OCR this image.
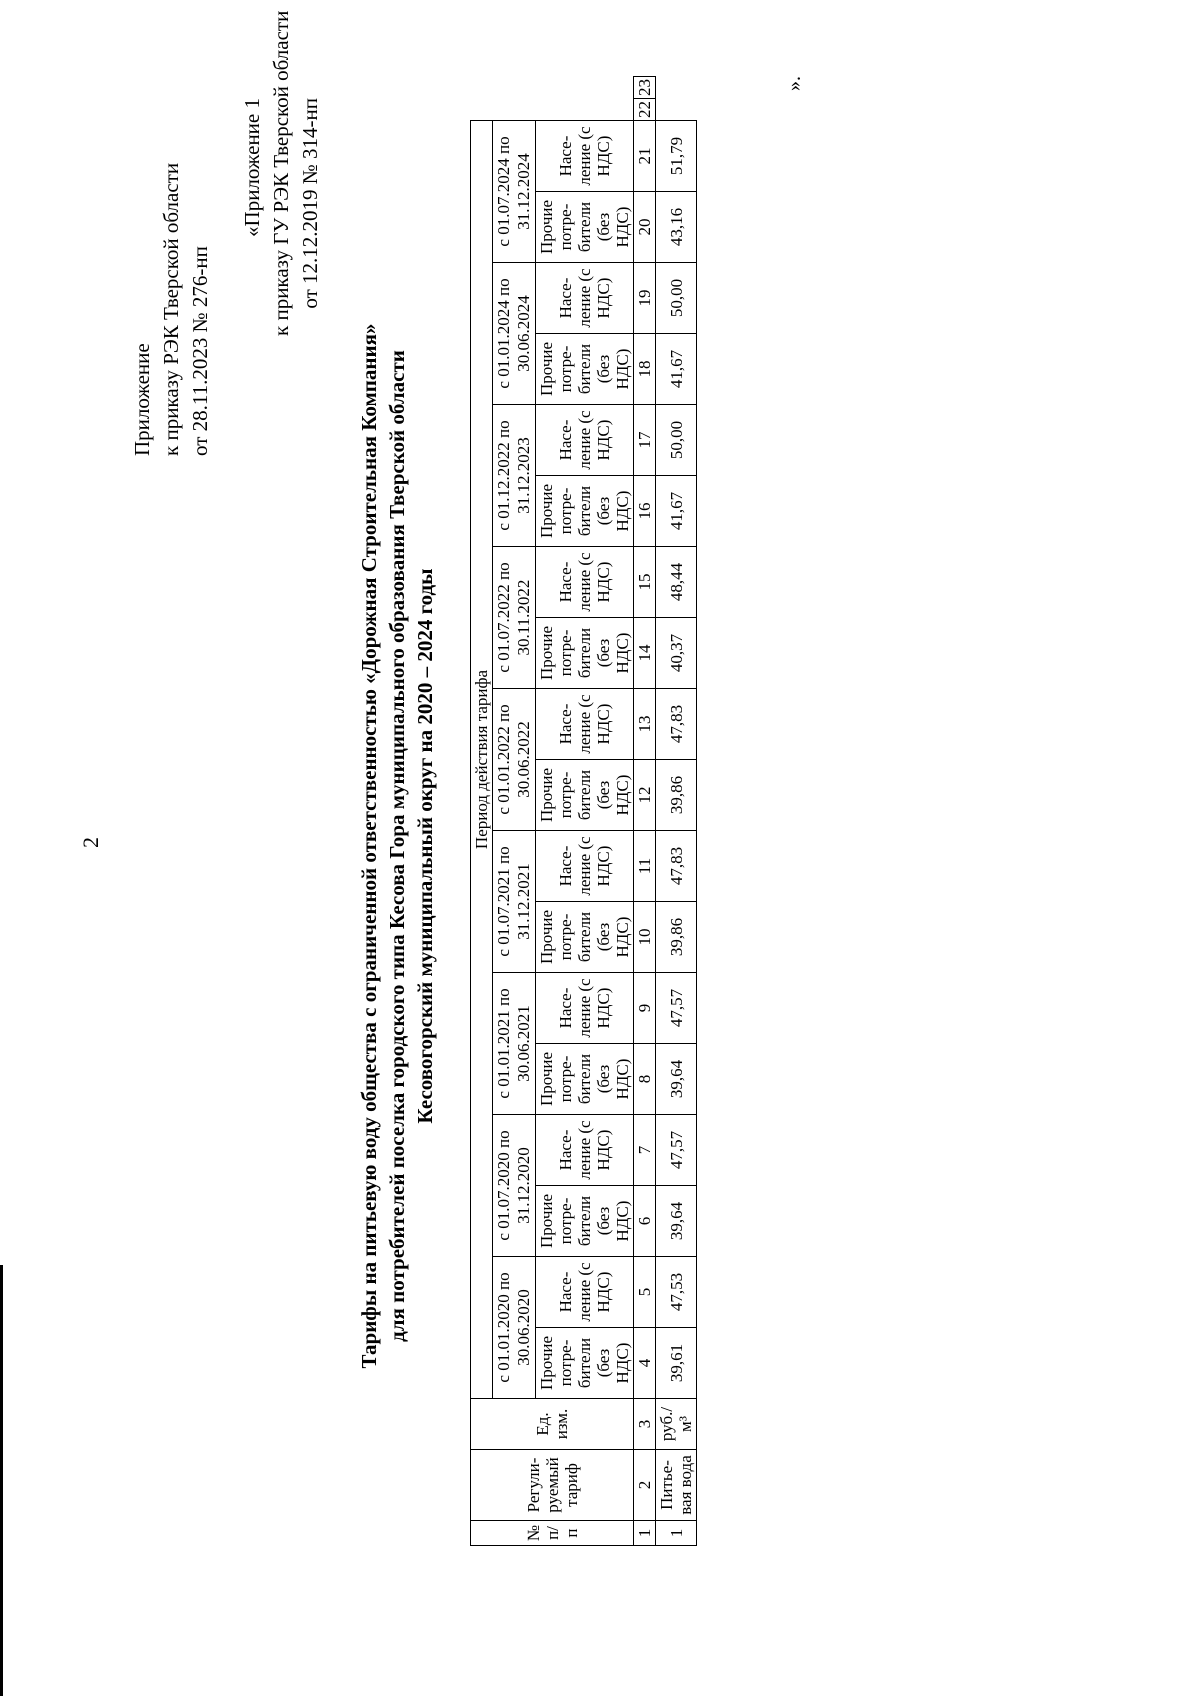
2
Приложение к приказу РЭК Тверской области от 28.11.2023 № 276-нп
«Приложение 1 к приказу ГУ РЭК Тверской области от 12.12.2019 № 314-нп
Тарифы на питьевую воду общества с ограниченной ответственностью «Дорожная Строительная Компания» для потребителей поселка городского типа Кесова Гора муниципального образования Тверской области Кесовогорский муниципальный округ на 2020 – 2024 годы
№ п/п	Регули-руемый тариф	Ед. изм.	Период действия тарифа																			
			с 01.01.2020 по 30.06.2020		с 01.07.2020 по 31.12.2020		с 01.01.2021 по 30.06.2021		с 01.07.2021 по 31.12.2021		с 01.01.2022 по 30.06.2022		с 01.07.2022 по 30.11.2022		с 01.12.2022 по 31.12.2023		с 01.01.2024 по 30.06.2024		с 01.07.2024 по 31.12.2024			
			Прочие потре-бители (без НДС)	Насе-ление (с НДС)	Прочие потре-бители (без НДС)	Насе-ление (с НДС)	Прочие потре-бители (без НДС)	Насе-ление (с НДС)	Прочие потре-бители (без НДС)	Насе-ление (с НДС)	Прочие потре-бители (без НДС)	Насе-ление (с НДС)	Прочие потре-бители (без НДС)	Насе-ление (с НДС)	Прочие потре-бители (без НДС)	Насе-ление (с НДС)	Прочие потре-бители (без НДС)	Насе-ление (с НДС)	Прочие потре-бители (без НДС)	Насе-ление (с НДС)		
1	2	3	4	5	6	7	8	9	10	11	12	13	14	15	16	17	18	19	20	21	22	23
1	Питье-вая вода	руб./м³	39,61	47,53	39,64	47,57	39,64	47,57	39,86	47,83	39,86	47,83	40,37	48,44	41,67	50,00	41,67	50,00	43,16	51,79		
».
